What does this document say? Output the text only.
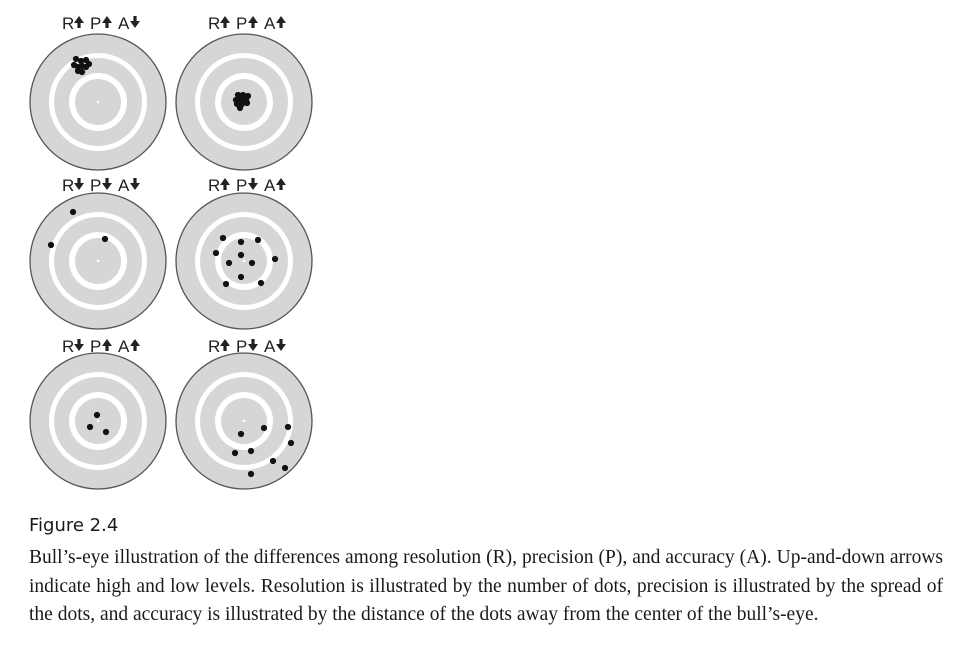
R P A	R P A
R P A	R P A
R P A	R P A
Figure 2.4

Bull’s-eye illustration of the differences among resolution (R), precision (P), and accuracy (A). Up-and-down arrows indicate high and low levels. Resolution is illustrated by the number of dots, precision is illustrated by the spread of the dots, and accuracy is illustrated by the distance of the dots away from the center of the bull’s-eye.
